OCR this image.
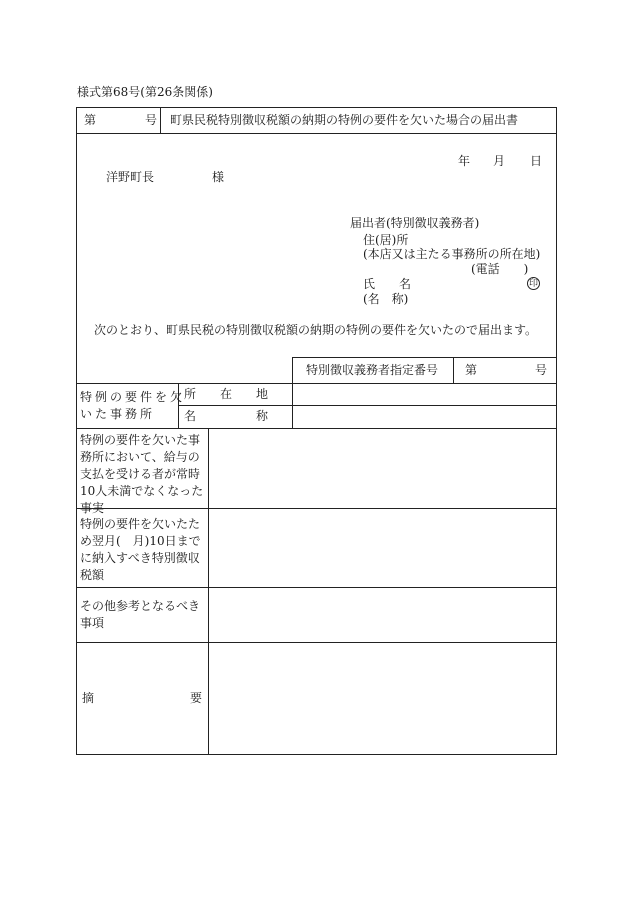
様式第68号(第26条関係)
第	号 町県民税特別徴収税額の納期の特例の要件を欠いた場合の届出書
年 月 日
洋野町長	様
届出者(特別徴収義務者)
住(居)所
(本店又は主たる事務所の所在地)
(電話　　)
氏　　名	印
(名　称)
次のとおり、町県民税の特別徴収税額の納期の特例の要件を欠いたので届出ます。
特別徴収義務者指定番号 第	号
特例の要件を欠
いた事務所
所　　在　　地
名　　　　　称
特例の要件を欠いた事
務所において、給与の
支払を受ける者が常時
10人未満でなくなった
事実
特例の要件を欠いたた
め翌月(　月)10日まで
に納入すべき特別徴収
税額
その他参考となるべき
事項
摘　　　　　　　　要
